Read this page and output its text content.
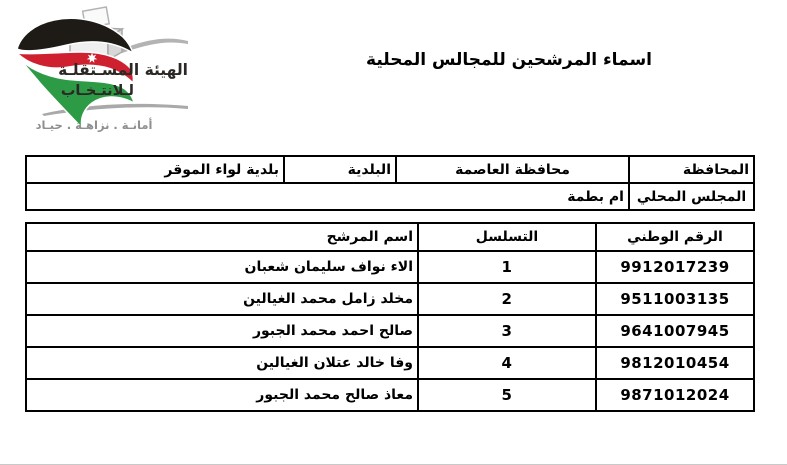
الهيئة المسـتقلـة
لـلانتـخـاب
أمانـة . نزاهـة . حيـاد
اسماء المرشحين للمجالس المحلية
المحافظة	محافظة العاصمة	البلدية	بلدية لواء الموقر
المجلس المحلي	ام بطمة		
الرقم الوطني	التسلسل	اسم المرشح
9912017239	1	الاء نواف سليمان شعبان
9511003135	2	مخلد زامل محمد الغيالين
9641007945	3	صالح احمد محمد الجبور
9812010454	4	وفا خالد عتلان الغيالين
9871012024	5	معاذ صالح محمد الجبور
